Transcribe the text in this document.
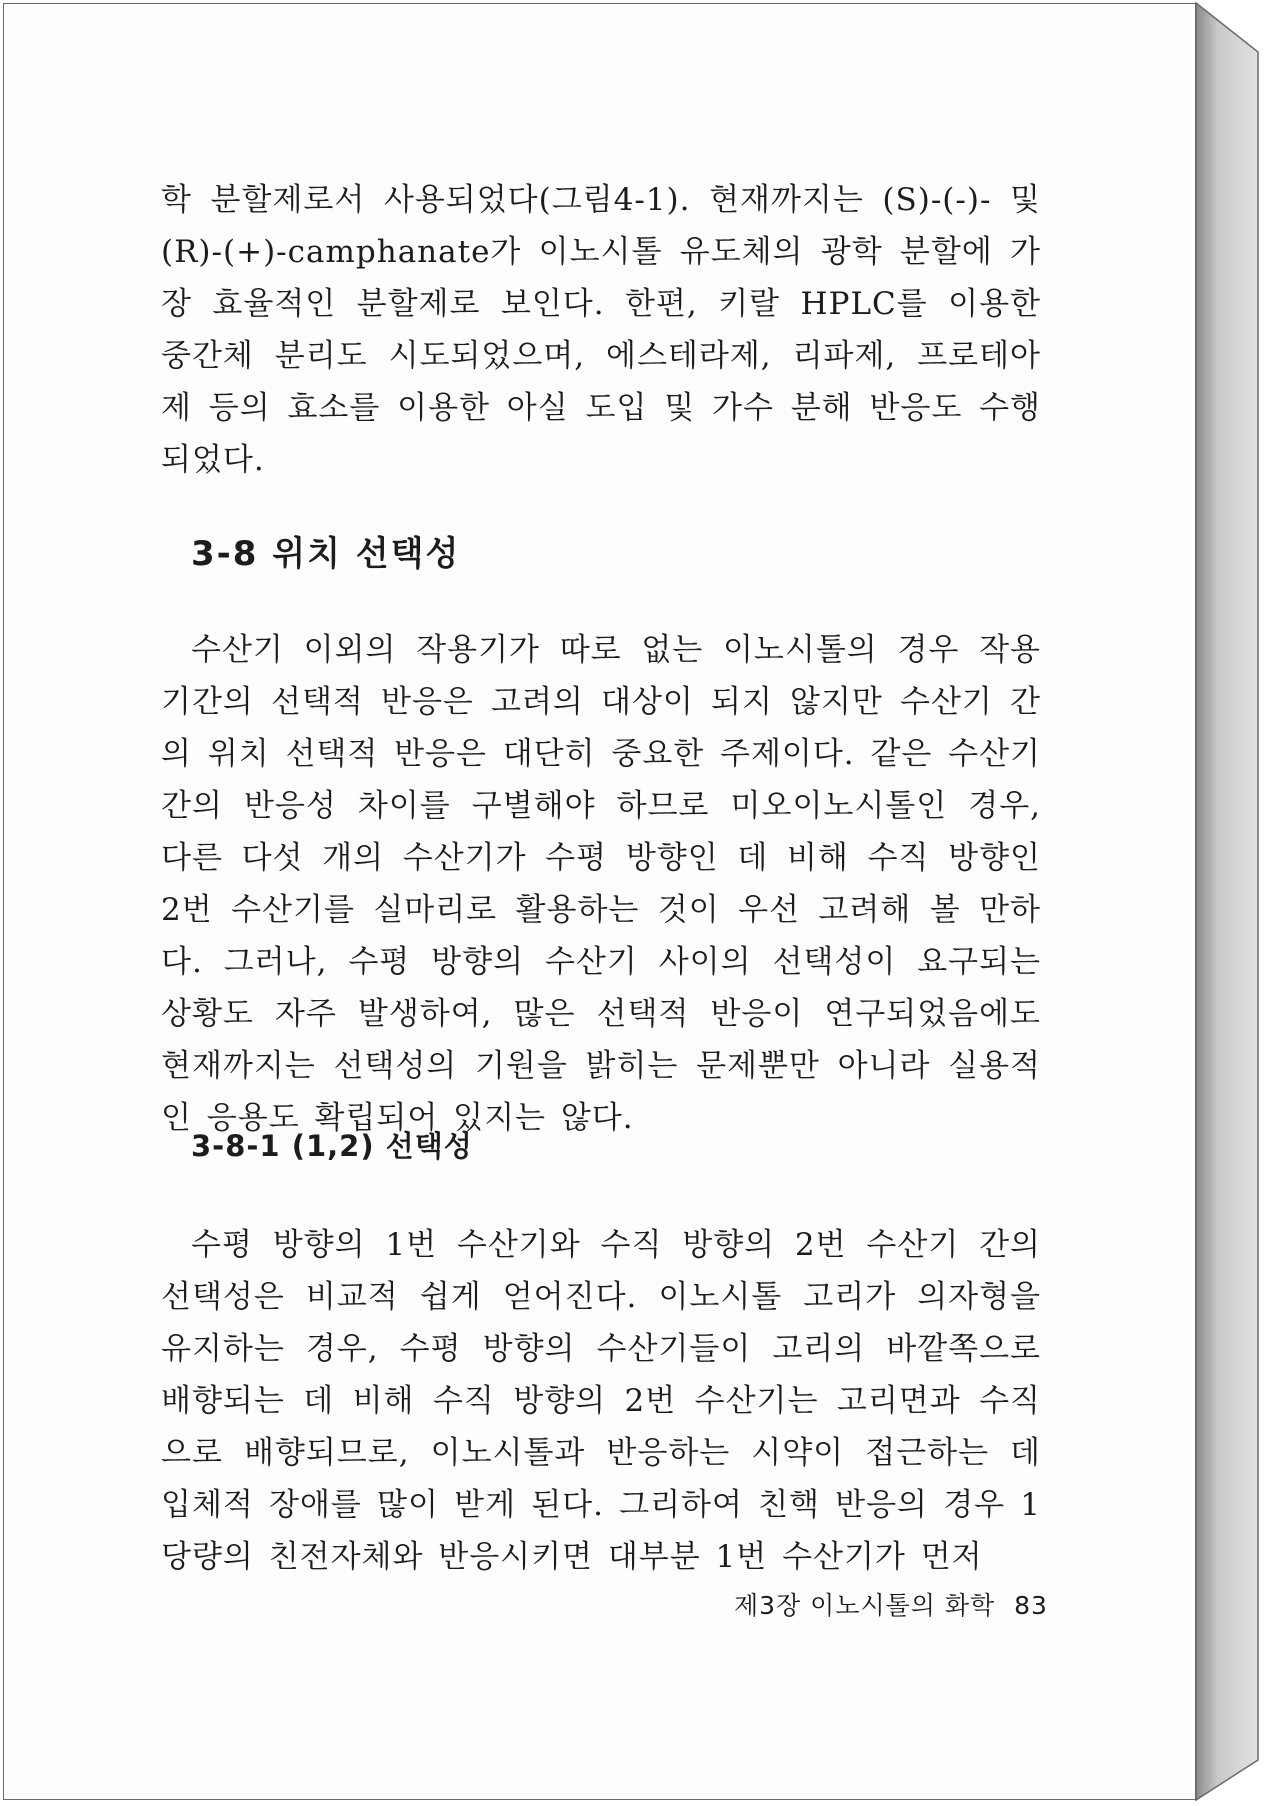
학 분할제로서 사용되었다(그림4-1). 현재까지는 (S)-(-)- 및 (R)-(+)-camphanate가 이노시톨 유도체의 광학 분할에 가장 효율적인 분할제로 보인다. 한편, 키랄 HPLC를 이용한 중간체 분리도 시도되었으며, 에스테라제, 리파제, 프로테아제 등의 효소를 이용한 아실 도입 및 가수 분해 반응도 수행되었다.

3-8 위치 선택성

수산기 이외의 작용기가 따로 없는 이노시톨의 경우 작용 기간의 선택적 반응은 고려의 대상이 되지 않지만 수산기 간의 위치 선택적 반응은 대단히 중요한 주제이다. 같은 수산기 간의 반응성 차이를 구별해야 하므로 미오이노시톨인 경우, 다른 다섯 개의 수산기가 수평 방향인 데 비해 수직 방향인 2번 수산기를 실마리로 활용하는 것이 우선 고려해 볼 만하다. 그러나, 수평 방향의 수산기 사이의 선택성이 요구되는 상황도 자주 발생하여, 많은 선택적 반응이 연구되었음에도 현재까지는 선택성의 기원을 밝히는 문제뿐만 아니라 실용적인 응용도 확립되어 있지는 않다.

3-8-1 (1,2) 선택성

수평 방향의 1번 수산기와 수직 방향의 2번 수산기 간의 선택성은 비교적 쉽게 얻어진다. 이노시톨 고리가 의자형을 유지하는 경우, 수평 방향의 수산기들이 고리의 바깥쪽으로 배향되는 데 비해 수직 방향의 2번 수산기는 고리면과 수직으로 배향되므로, 이노시톨과 반응하는 시약이 접근하는 데 입체적 장애를 많이 받게 된다. 그리하여 친핵 반응의 경우 1당량의 친전자체와 반응시키면 대부분 1번 수산기가 먼저

제3장 이노시톨의 화학 83
